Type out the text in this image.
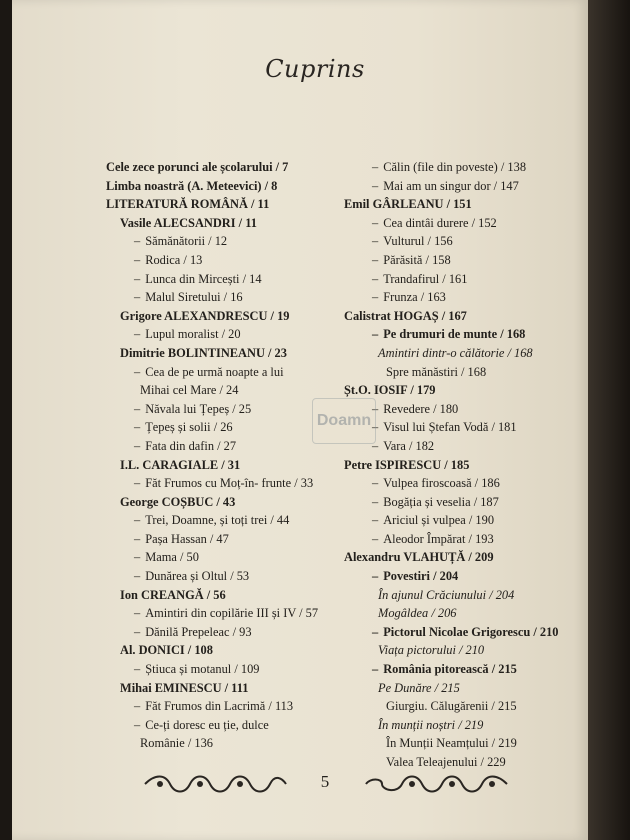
Cuprins
Cele zece porunci ale școlarului / 7
Limba noastră (A. Meteevici) / 8
LITERATURĂ ROMÂNĂ / 11
Vasile ALECSANDRI / 11
– Sămănătorii / 12
– Rodica / 13
– Lunca din Mircești / 14
– Malul Siretului / 16
Grigore ALEXANDRESCU / 19
– Lupul moralist / 20
Dimitrie BOLINTINEANU / 23
– Cea de pe urmă noapte a lui
Mihai cel Mare / 24
– Năvala lui Țepeș / 25
– Țepeș și solii / 26
– Fata din dafin / 27
I.L. CARAGIALE / 31
– Făt Frumos cu Moț-în- frunte / 33
George COȘBUC / 43
– Trei, Doamne, și toți trei / 44
– Pașa Hassan / 47
– Mama / 50
– Dunărea și Oltul / 53
Ion CREANGĂ / 56
– Amintiri din copilărie III și IV / 57
– Dănilă Prepeleac / 93
Al. DONICI / 108
– Știuca și motanul / 109
Mihai EMINESCU / 111
– Făt Frumos din Lacrimă / 113
– Ce-ți doresc eu ție, dulce
Românie / 136
– Călin (file din poveste) / 138
– Mai am un singur dor / 147
Emil GÂRLEANU / 151
– Cea dintâi durere / 152
– Vulturul / 156
– Părăsită / 158
– Trandafirul / 161
– Frunza / 163
Calistrat HOGAȘ / 167
– Pe drumuri de munte / 168
Amintiri dintr-o călătorie / 168
Spre mănăstiri / 168
Șt.O. IOSIF / 179
– Revedere / 180
– Visul lui Ștefan Vodă / 181
– Vara / 182
Petre ISPIRESCU / 185
– Vulpea firoscoasă / 186
– Bogăția și veselia / 187
– Ariciul și vulpea / 190
– Aleodor Împărat / 193
Alexandru VLAHUȚĂ / 209
– Povestiri / 204
În ajunul Crăciunului / 204
Mogâldea / 206
– Pictorul Nicolae Grigorescu / 210
Viața pictorului / 210
– România pitorească / 215
Pe Dunăre / 215
Giurgiu. Călugărenii / 215
În munții noștri / 219
În Munții Neamțului / 219
Valea Teleajenului / 229
Doamn
5
